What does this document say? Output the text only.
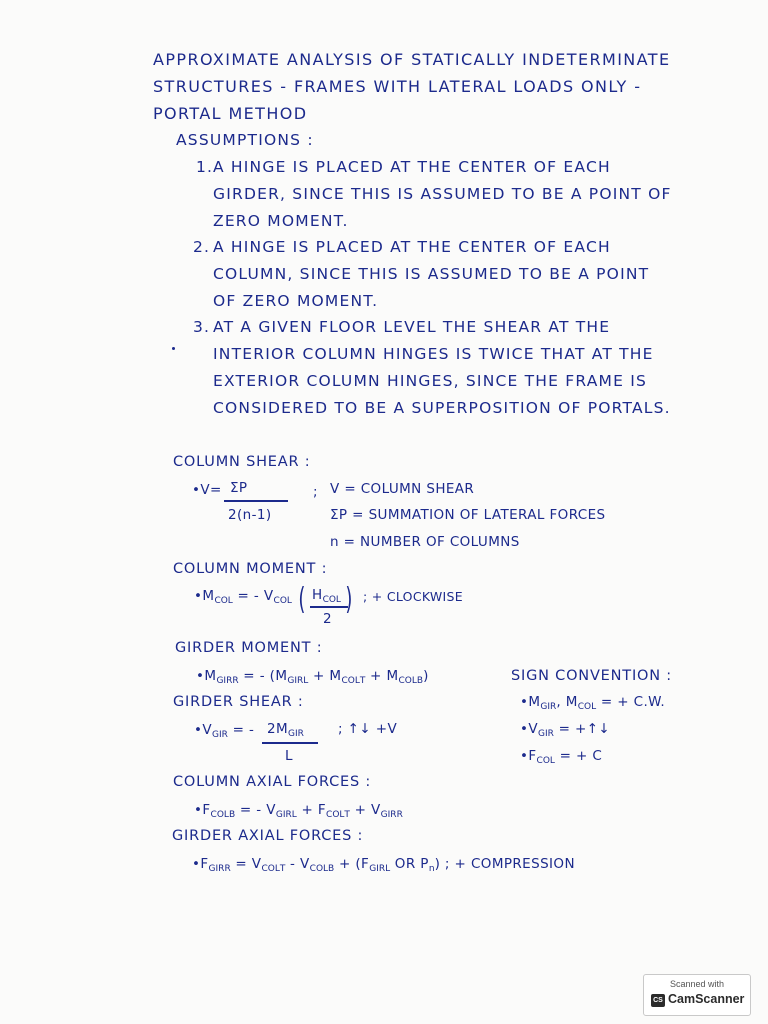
APPROXIMATE ANALYSIS OF STATICALLY INDETERMINATE
STRUCTURES - FRAMES WITH LATERAL LOADS ONLY -
PORTAL METHOD
ASSUMPTIONS :
1. A HINGE IS PLACED AT THE CENTER OF EACH
GIRDER, SINCE THIS IS ASSUMED TO BE A POINT OF
ZERO MOMENT.
2. A HINGE IS PLACED AT THE CENTER OF EACH
COLUMN, SINCE THIS IS ASSUMED TO BE A POINT
OF ZERO MOMENT.
3. AT A GIVEN FLOOR LEVEL THE SHEAR AT THE
INTERIOR COLUMN HINGES IS TWICE THAT AT THE
EXTERIOR COLUMN HINGES, SINCE THE FRAME IS
CONSIDERED TO BE A SUPERPOSITION OF PORTALS.
COLUMN SHEAR :
•V= ΣP
2(n-1)
; V = COLUMN SHEAR
ΣP = SUMMATION OF LATERAL FORCES
n = NUMBER OF COLUMNS
COLUMN MOMENT :
$•M_{COL}$ = - $V_{COL}$ ( $H_{COL}$
2
) ; + CLOCKWISE
GIRDER MOMENT :
$•M_{GIRR}$ = - $(M_{GIRL} + M_{COLT} + M_{COLB})$	SIGN CONVENTION :
$•M_{GIR}$, $M_{COL}$ = + C.W.
$•V_{GIR}$ = +↑↓
$•F_{COL}$ = + C
GIRDER SHEAR :
$•V_{GIR}$ = - $2M_{GIR}$
L
; ↑↓ +V
COLUMN AXIAL FORCES :
$•F_{COLB}$ = - $V_{GIRL} + F_{COLT} + V_{GIRR}$
GIRDER AXIAL FORCES :
$•F_{GIRR} = V_{COLT} - V_{COLB} + (F_{GIRL}$ OR $P_n$) ; + COMPRESSION
Scanned with
CS CamScanner
